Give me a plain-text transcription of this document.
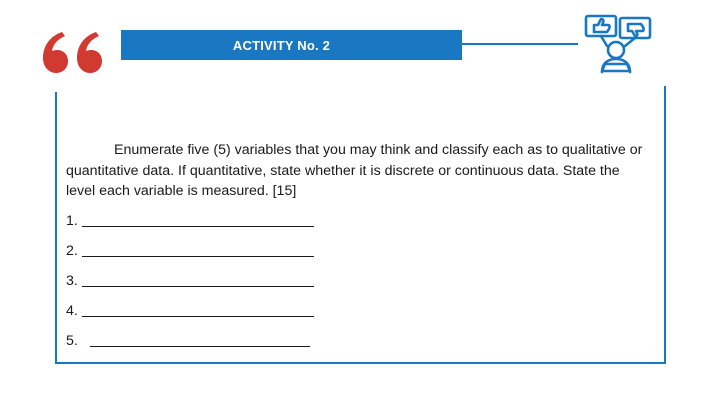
ACTIVITY No. 2

Enumerate five (5) variables that you may think and classify each as to qualitative or quantitative data. If quantitative, state whether it is discrete or continuous data. State the level each variable is measured. [15]

1.
2.
3.
4.
5.
